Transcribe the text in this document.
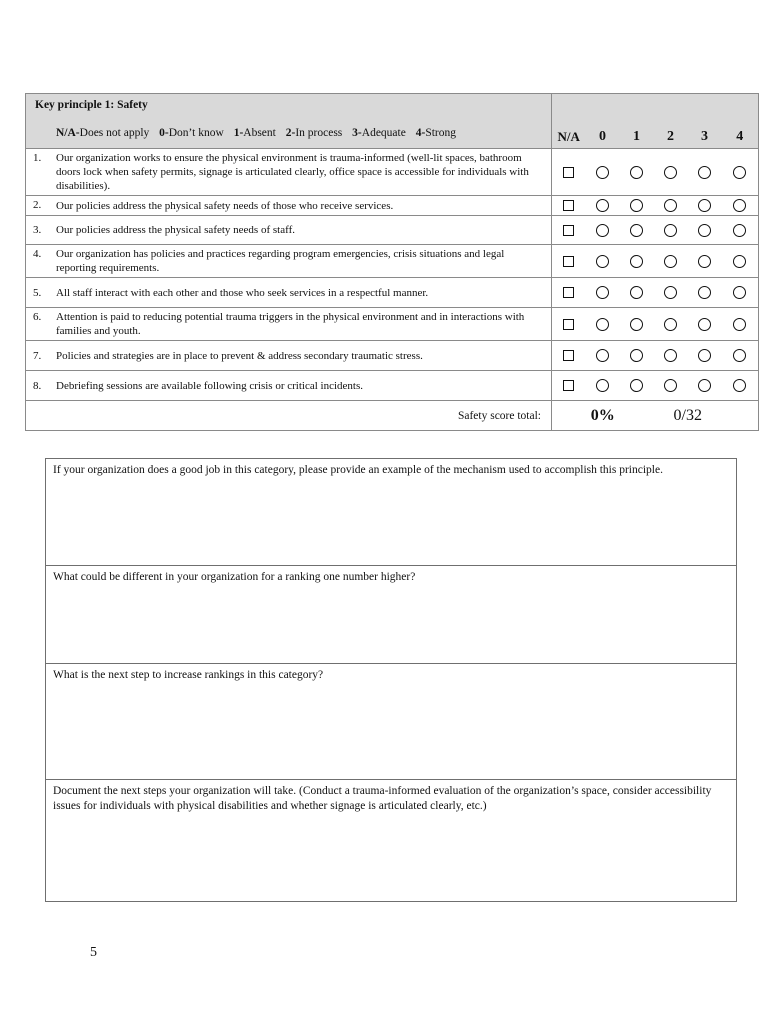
Key principle 1: Safety
N/A-Does not apply 0-Don’t know 1-Absent 2-In process 3-Adequate 4-Strong	N/A	0	1	2	3	4

1. Our organization works to ensure the physical environment is trauma-informed (well-lit spaces, bathroom doors lock when safety permits, signage is articulated clearly, office space is accessible for individuals with disabilities).						

2. Our policies address the physical safety needs of those who receive services.						

3. Our policies address the physical safety needs of staff.						

4. Our organization has policies and practices regarding program emergencies, crisis situations and legal reporting requirements.						

5. All staff interact with each other and those who seek services in a respectful manner.						

6. Attention is paid to reducing potential trauma triggers in the physical environment and in interactions with families and youth.						

7. Policies and strategies are in place to prevent & address secondary traumatic stress.						

8. Debriefing sessions are available following crisis or critical incidents.						
Safety score total:	0%			0/32		
If your organization does a good job in this category, please provide an example of the mechanism used to accomplish this principle.
What could be different in your organization for a ranking one number higher?
What is the next step to increase rankings in this category?
Document the next steps your organization will take. (Conduct a trauma-informed evaluation of the organization’s space, consider accessibility issues for individuals with physical disabilities and whether signage is articulated clearly, etc.)
5
